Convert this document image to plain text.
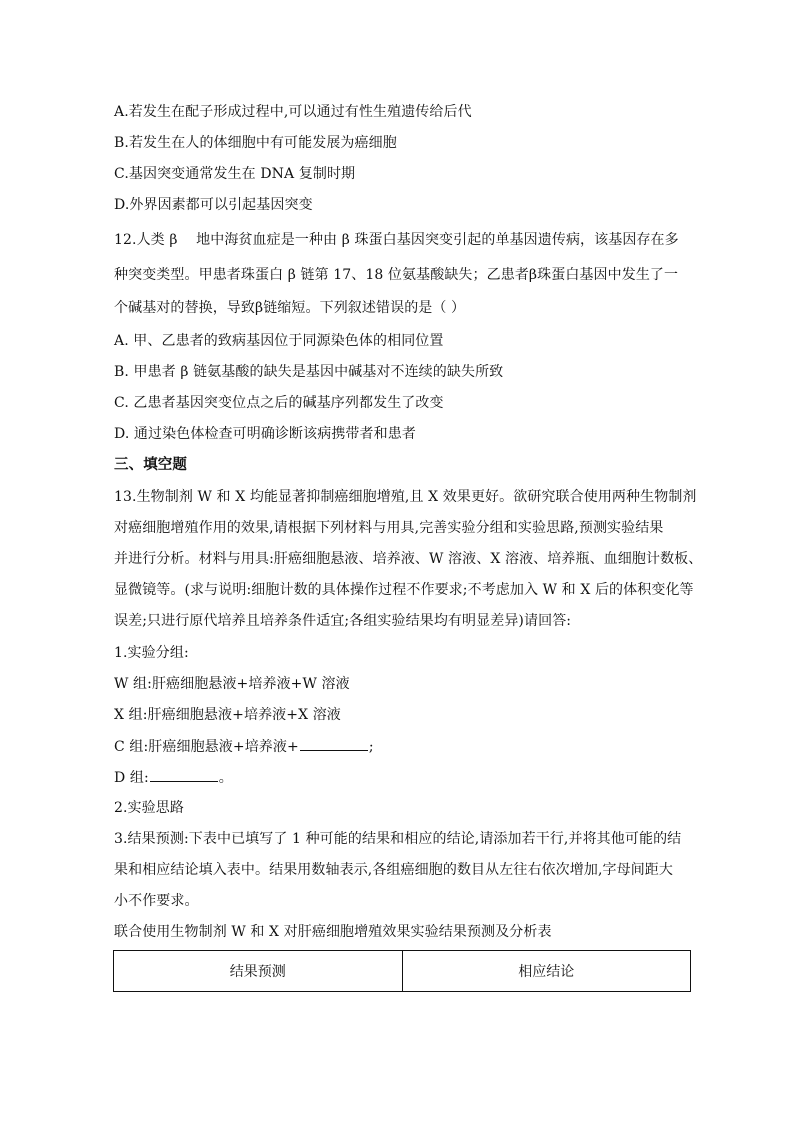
A.若发生在配子形成过程中,可以通过有性生殖遗传给后代
B.若发生在人的体细胞中有可能发展为癌细胞
C.基因突变通常发生在 DNA 复制时期
D.外界因素都可以引起基因突变
12.人类 β　 地中海贫血症是一种由 β 珠蛋白基因突变引起的单基因遗传病，该基因存在多
种突变类型。甲患者珠蛋白 β 链第 17、18 位氨基酸缺失；乙患者β珠蛋白基因中发生了一
个碱基对的替换，导致β链缩短。下列叙述错误的是（ ）
A. 甲、乙患者的致病基因位于同源染色体的相同位置
B. 甲患者 β 链氨基酸的缺失是基因中碱基对不连续的缺失所致
C. 乙患者基因突变位点之后的碱基序列都发生了改变
D. 通过染色体检查可明确诊断该病携带者和患者
三、填空题
13.生物制剂 W 和 X 均能显著抑制癌细胞增殖,且 X 效果更好。欲研究联合使用两种生物制剂
对癌细胞增殖作用的效果,请根据下列材料与用具,完善实验分组和实验思路,预测实验结果
并进行分析。材料与用具:肝癌细胞悬液、培养液、W 溶液、X 溶液、培养瓶、血细胞计数板、
显微镜等。(求与说明:细胞计数的具体操作过程不作要求;不考虑加入 W 和 X 后的体积变化等
误差;只进行原代培养且培养条件适宜;各组实验结果均有明显差异)请回答:
1.实验分组:
W 组:肝癌细胞悬液+培养液+W 溶液
X 组:肝癌细胞悬液+培养液+X 溶液
C 组:肝癌细胞悬液+培养液+	;
D 组:	。
2.实验思路
3.结果预测:下表中已填写了 1 种可能的结果和相应的结论,请添加若干行,并将其他可能的结
果和相应结论填入表中。结果用数轴表示,各组癌细胞的数目从左往右依次增加,字母间距大
小不作要求。
联合使用生物制剂 W 和 X 对肝癌细胞增殖效果实验结果预测及分析表
结果预测	相应结论
